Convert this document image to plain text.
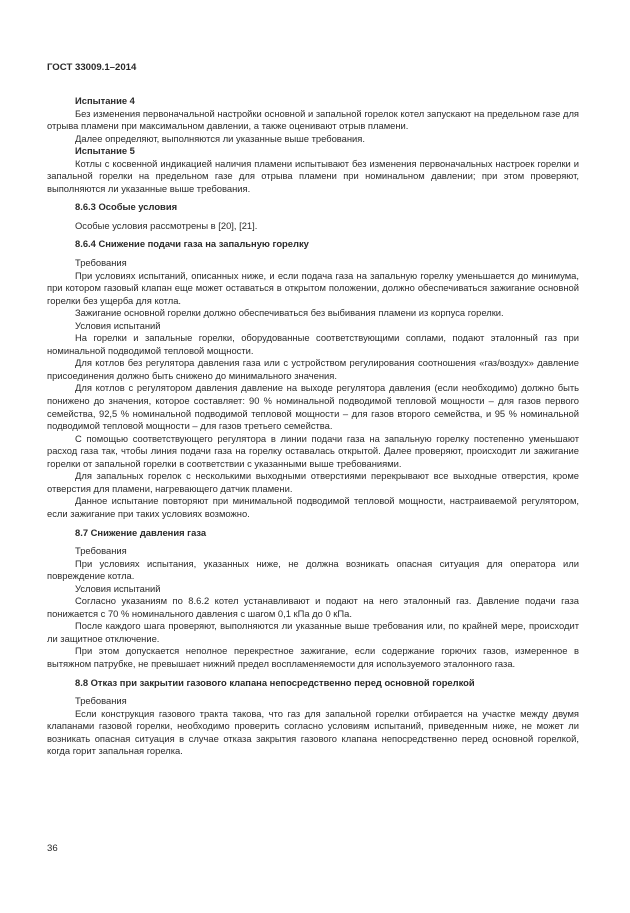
ГОСТ 33009.1–2014

Испытание 4

Без изменения первоначальной настройки основной и запальной горелок котел запускают на предельном газе для отрыва пламени при максимальном давлении, а также оценивают отрыв пламени.

Далее определяют, выполняются ли указанные выше требования.

Испытание 5

Котлы с косвенной индикацией наличия пламени испытывают без изменения первоначальных настроек горелки и запальной горелки на предельном газе для отрыва пламени при номинальном давлении; при этом проверяют, выполняются ли указанные выше требования.

8.6.3 Особые условия

Особые условия рассмотрены в [20], [21].

8.6.4 Снижение подачи газа на запальную горелку

Требования

При условиях испытаний, описанных ниже, и если подача газа на запальную горелку уменьшается до минимума, при котором газовый клапан еще может оставаться в открытом положении, должно обеспечиваться зажигание основной горелки без ущерба для котла.

Зажигание основной горелки должно обеспечиваться без выбивания пламени из корпуса горелки.

Условия испытаний

На горелки и запальные горелки, оборудованные соответствующими соплами, подают эталонный газ при номинальной подводимой тепловой мощности.

Для котлов без регулятора давления газа или с устройством регулирования соотношения «газ/воздух» давление присоединения должно быть снижено до минимального значения.

Для котлов с регулятором давления давление на выходе регулятора давления (если необходимо) должно быть понижено до значения, которое составляет: 90 % номинальной подводимой тепловой мощности – для газов первого семейства, 92,5 % номинальной подводимой тепловой мощности – для газов второго семейства, и 95 % номинальной подводимой тепловой мощности – для газов третьего семейства.

С помощью соответствующего регулятора в линии подачи газа на запальную горелку постепенно уменьшают расход газа так, чтобы линия подачи газа на горелку оставалась открытой. Далее проверяют, происходит ли зажигание горелки от запальной горелки в соответствии с указанными выше требованиями.

Для запальных горелок с несколькими выходными отверстиями перекрывают все выходные отверстия, кроме отверстия для пламени, нагревающего датчик пламени.

Данное испытание повторяют при минимальной подводимой тепловой мощности, настраиваемой регулятором, если зажигание при таких условиях возможно.

8.7 Снижение давления газа

Требования

При условиях испытания, указанных ниже, не должна возникать опасная ситуация для оператора или повреждение котла.

Условия испытаний

Согласно указаниям по 8.6.2 котел устанавливают и подают на него эталонный газ. Давление подачи газа понижается с 70 % номинального давления с шагом 0,1 кПа до 0 кПа.

После каждого шага проверяют, выполняются ли указанные выше требования или, по крайней мере, происходит ли защитное отключение.

При этом допускается неполное перекрестное зажигание, если содержание горючих газов, измеренное в вытяжном патрубке, не превышает нижний предел воспламеняемости для используемого эталонного газа.

8.8 Отказ при закрытии газового клапана непосредственно перед основной горелкой

Требования

Если конструкция газового тракта такова, что газ для запальной горелки отбирается на участке между двумя клапанами газовой горелки, необходимо проверить согласно условиям испытаний, приведенным ниже, не может ли возникать опасная ситуация в случае отказа закрытия газового клапана непосредственно перед основной горелкой, когда горит запальная горелка.

36
